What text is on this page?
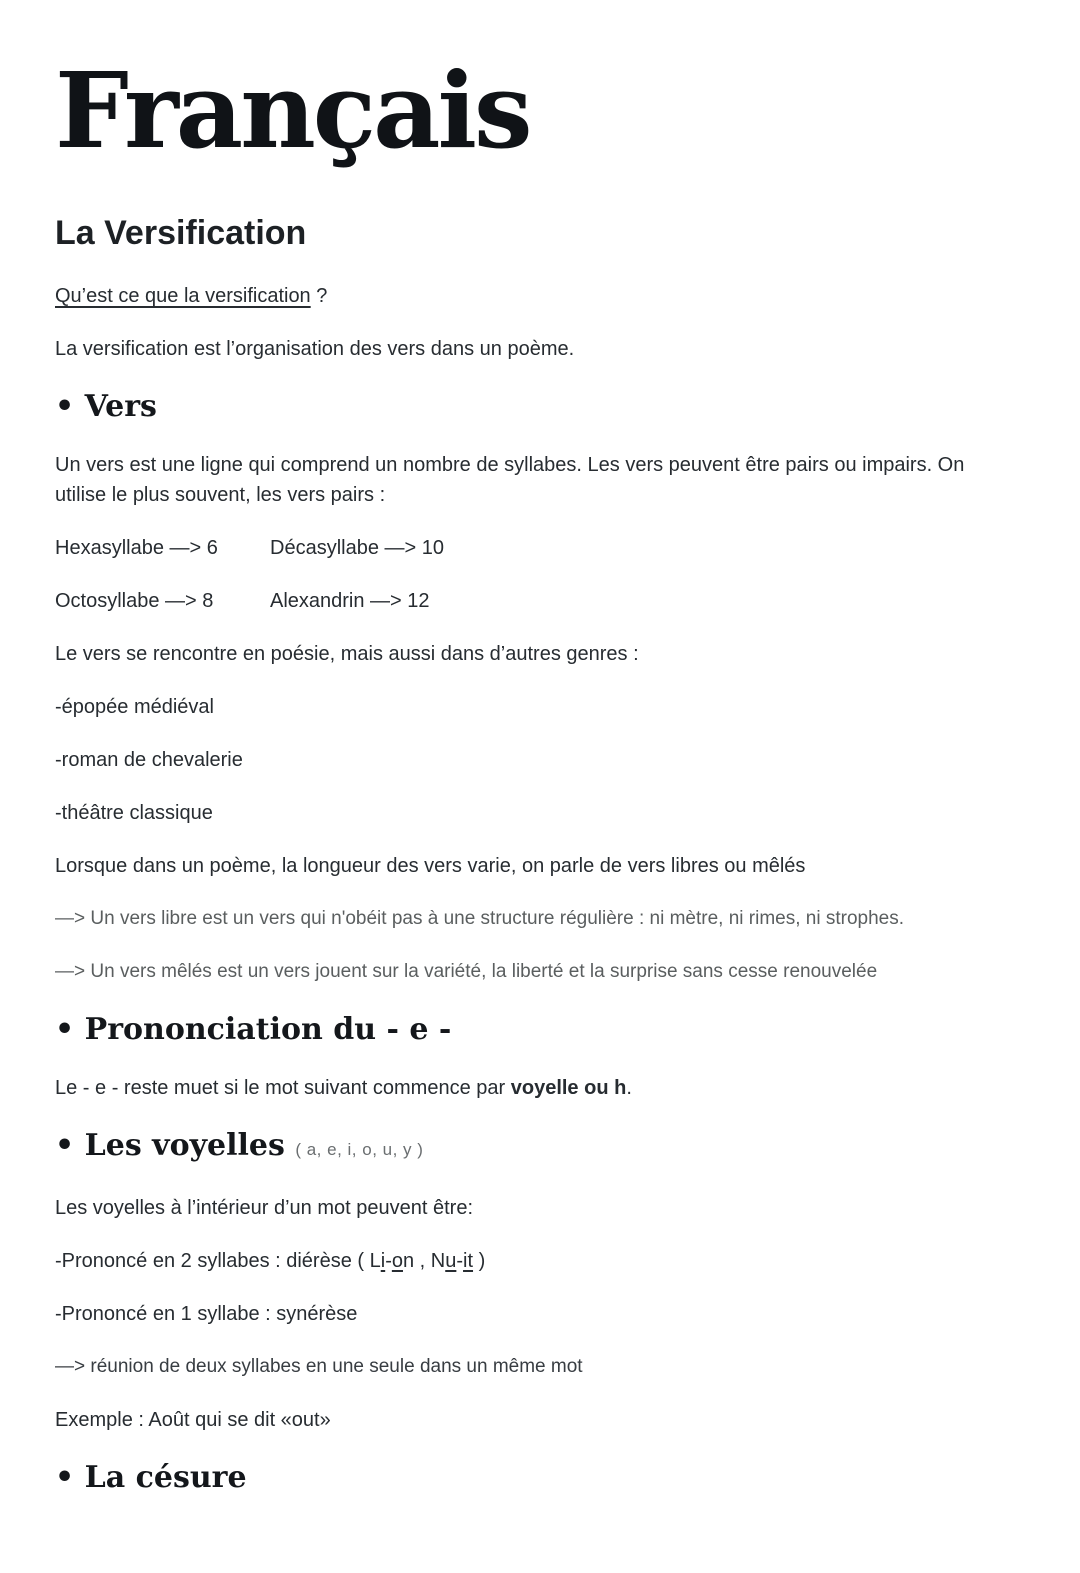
Français
La Versification

Qu’est ce que la versification ?

La versification est l’organisation des vers dans un poème.

• Vers

Un vers est une ligne qui comprend un nombre de syllabes. Les vers peuvent être pairs ou impairs. On utilise le plus souvent, les vers pairs :

Hexasyllabe —> 6	Décasyllabe —> 10
Octosyllabe —> 8	Alexandrin —> 12

Le vers se rencontre en poésie, mais aussi dans d’autres genres :

-épopée médiéval

-roman de chevalerie

-théâtre classique

Lorsque dans un poème, la longueur des vers varie, on parle de vers libres ou mêlés

—> Un vers libre est un vers qui n'obéit pas à une structure régulière : ni mètre, ni rimes, ni strophes.

—> Un vers mêlés est un vers jouent sur la variété, la liberté et la surprise sans cesse renouvelée

• Prononciation du - e -

Le - e - reste muet si le mot suivant commence par voyelle ou h.

• Les voyelles ( a, e, i, o, u, y )

Les voyelles à l’intérieur d’un mot peuvent être:

-Prononcé en 2 syllabes : diérèse ( Li-on , Nu-it )

-Prononcé en 1 syllabe : synérèse

—> réunion de deux syllabes en une seule dans un même mot

Exemple : Août qui se dit «out»

• La césure
